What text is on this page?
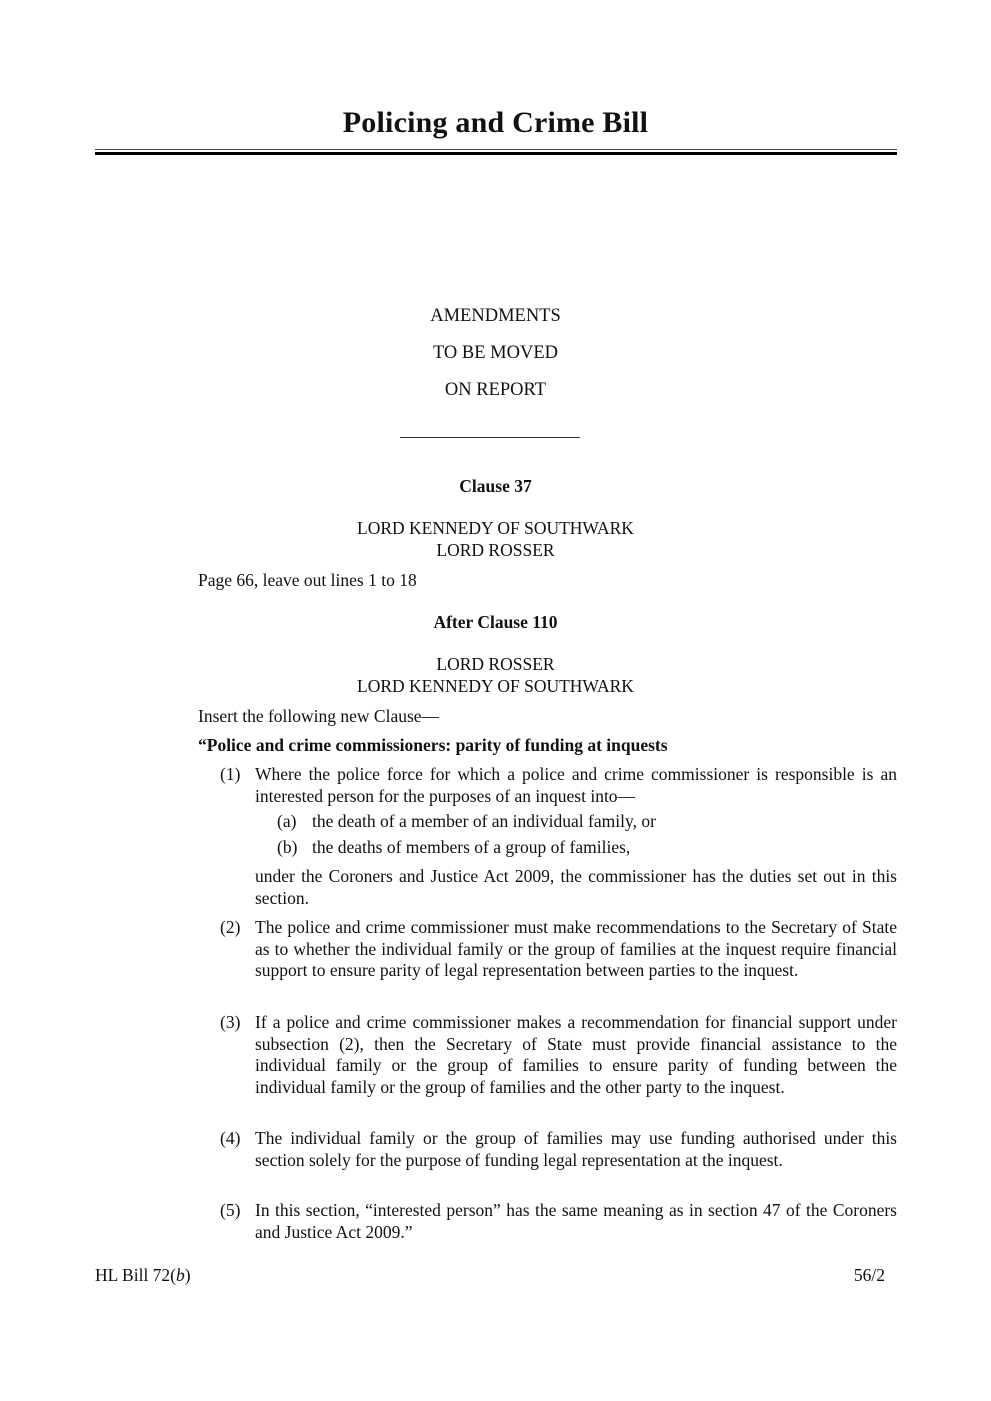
Policing and Crime Bill
AMENDMENTS
TO BE MOVED
ON REPORT
Clause 37
LORD KENNEDY OF SOUTHWARK
LORD ROSSER
Page 66, leave out lines 1 to 18
After Clause 110
LORD ROSSER
LORD KENNEDY OF SOUTHWARK
Insert the following new Clause—
“Police and crime commissioners: parity of funding at inquests
(1) Where the police force for which a police and crime commissioner is responsible is an interested person for the purposes of an inquest into—
(a) the death of a member of an individual family, or
(b) the deaths of members of a group of families,
under the Coroners and Justice Act 2009, the commissioner has the duties set out in this section.
(2) The police and crime commissioner must make recommendations to the Secretary of State as to whether the individual family or the group of families at the inquest require financial support to ensure parity of legal representation between parties to the inquest.
(3) If a police and crime commissioner makes a recommendation for financial support under subsection (2), then the Secretary of State must provide financial assistance to the individual family or the group of families to ensure parity of funding between the individual family or the group of families and the other party to the inquest.
(4) The individual family or the group of families may use funding authorised under this section solely for the purpose of funding legal representation at the inquest.
(5) In this section, “interested person” has the same meaning as in section 47 of the Coroners and Justice Act 2009.”
HL Bill 72(b)	56/2
